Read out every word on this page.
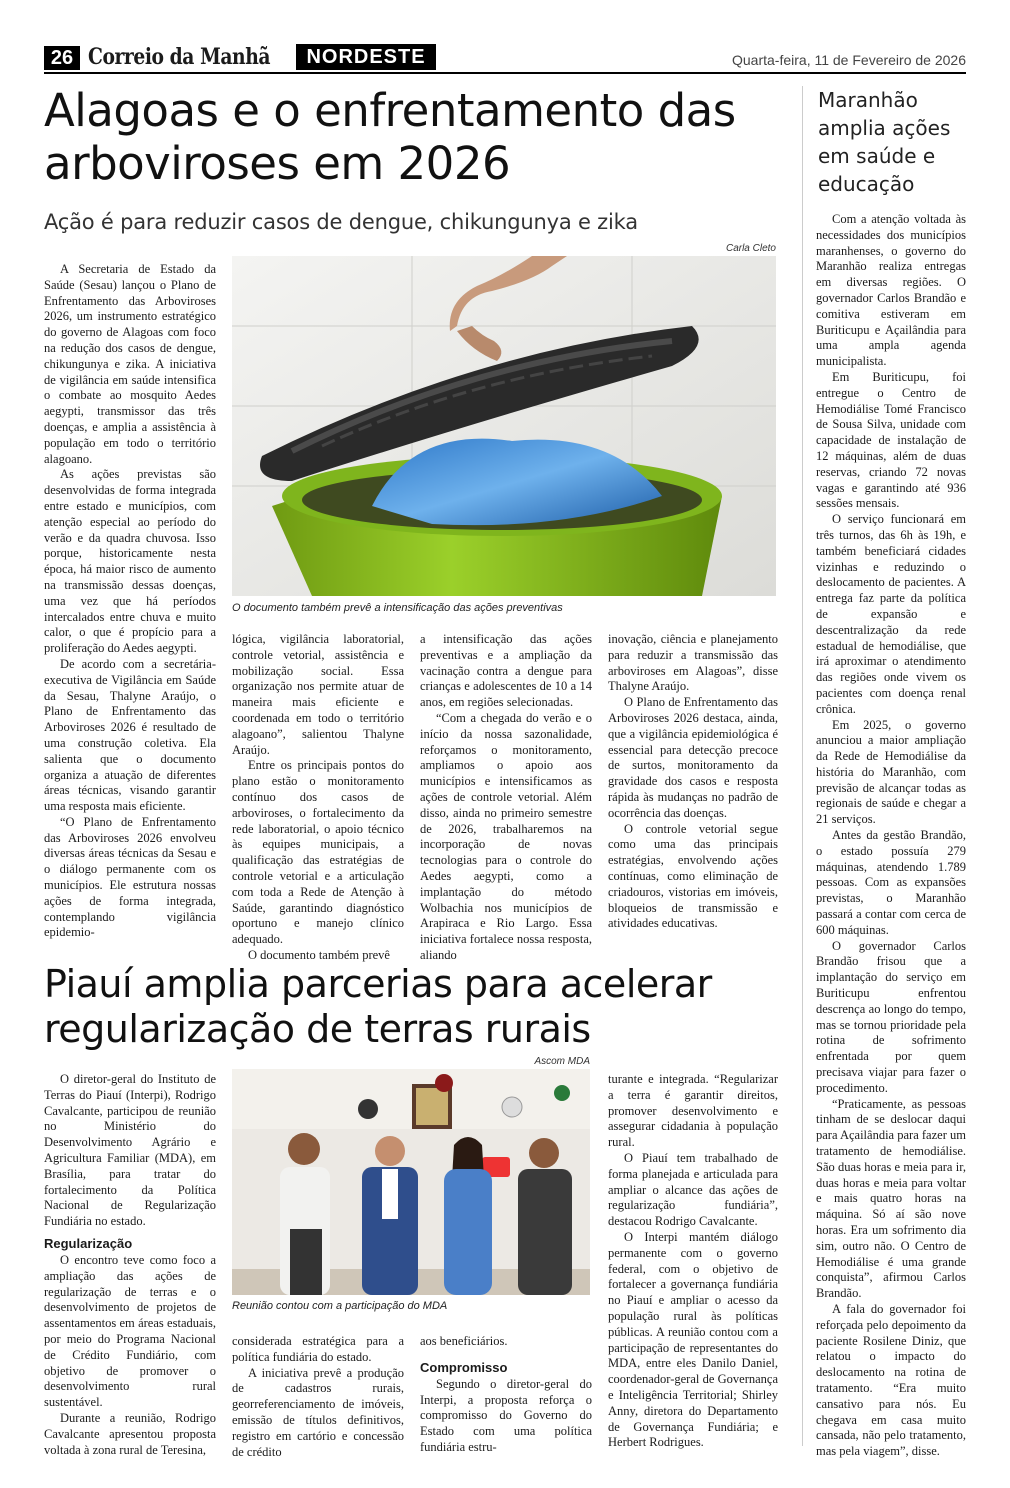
26 Correio da Manhã	NORDESTE	Quarta-feira, 11 de Fevereiro de 2026
Alagoas e o enfrentamento das arboviroses em 2026
Ação é para reduzir casos de dengue, chikungunya e zika
Carla Cleto
O documento também prevê a intensificação das ações preventivas

A Secretaria de Estado da Saúde (Sesau) lançou o Plano de Enfrentamento das Arboviroses 2026, um instrumento estratégico do governo de Alagoas com foco na redução dos casos de dengue, chikungunya e zika. A iniciativa de vigilância em saúde intensifica o combate ao mosquito Aedes aegypti, transmissor das três doenças, e amplia a assistência à população em todo o território alagoano.

As ações previstas são desenvolvidas de forma integrada entre estado e municípios, com atenção especial ao período do verão e da quadra chuvosa. Isso porque, historicamente nesta época, há maior risco de aumento na transmissão dessas doenças, uma vez que há períodos intercalados entre chuva e muito calor, o que é propício para a proliferação do Aedes aegypti.

De acordo com a secretária-executiva de Vigilância em Saúde da Sesau, Thalyne Araújo, o Plano de Enfrentamento das Arboviroses 2026 é resultado de uma construção coletiva. Ela salienta que o documento organiza a atuação de diferentes áreas técnicas, visando garantir uma resposta mais eficiente.

“O Plano de Enfrentamento das Arboviroses 2026 envolveu diversas áreas técnicas da Sesau e o diálogo permanente com os municípios. Ele estrutura nossas ações de forma integrada, contemplando vigilância epidemio-

lógica, vigilância laboratorial, controle vetorial, assistência e mobilização social. Essa organização nos permite atuar de maneira mais eficiente e coordenada em todo o território alagoano”, salientou Thalyne Araújo.

Entre os principais pontos do plano estão o monitoramento contínuo dos casos de arboviroses, o fortalecimento da rede laboratorial, o apoio técnico às equipes municipais, a qualificação das estratégias de controle vetorial e a articulação com toda a Rede de Atenção à Saúde, garantindo diagnóstico oportuno e manejo clínico adequado.

O documento também prevê

a intensificação das ações preventivas e a ampliação da vacinação contra a dengue para crianças e adolescentes de 10 a 14 anos, em regiões selecionadas.

“Com a chegada do verão e o início da nossa sazonalidade, reforçamos o monitoramento, ampliamos o apoio aos municípios e intensificamos as ações de controle vetorial. Além disso, ainda no primeiro semestre de 2026, trabalharemos na incorporação de novas tecnologias para o controle do Aedes aegypti, como a implantação do método Wolbachia nos municípios de Arapiraca e Rio Largo. Essa iniciativa fortalece nossa resposta, aliando

inovação, ciência e planejamento para reduzir a transmissão das arboviroses em Alagoas”, disse Thalyne Araújo.

O Plano de Enfrentamento das Arboviroses 2026 destaca, ainda, que a vigilância epidemiológica é essencial para detecção precoce de surtos, monitoramento da gravidade dos casos e resposta rápida às mudanças no padrão de ocorrência das doenças.

O controle vetorial segue como uma das principais estratégias, envolvendo ações contínuas, como eliminação de criadouros, vistorias em imóveis, bloqueios de transmissão e atividades educativas.

Maranhão amplia ações em saúde e educação

Com a atenção voltada às necessidades dos municípios maranhenses, o governo do Maranhão realiza entregas em diversas regiões. O governador Carlos Brandão e comitiva estiveram em Buriticupu e Açailândia para uma ampla agenda municipalista.

Em Buriticupu, foi entregue o Centro de Hemodiálise Tomé Francisco de Sousa Silva, unidade com capacidade de instalação de 12 máquinas, além de duas reservas, criando 72 novas vagas e garantindo até 936 sessões mensais.

O serviço funcionará em três turnos, das 6h às 19h, e também beneficiará cidades vizinhas e reduzindo o deslocamento de pacientes. A entrega faz parte da política de expansão e descentralização da rede estadual de hemodiálise, que irá aproximar o atendimento das regiões onde vivem os pacientes com doença renal crônica.

Em 2025, o governo anunciou a maior ampliação da Rede de Hemodiálise da história do Maranhão, com previsão de alcançar todas as regionais de saúde e chegar a 21 serviços.

Antes da gestão Brandão, o estado possuía 279 máquinas, atendendo 1.789 pessoas. Com as expansões previstas, o Maranhão passará a contar com cerca de 600 máquinas.

O governador Carlos Brandão frisou que a implantação do serviço em Buriticupu enfrentou descrença ao longo do tempo, mas se tornou prioridade pela rotina de sofrimento enfrentada por quem precisava viajar para fazer o procedimento.

“Praticamente, as pessoas tinham de se deslocar daqui para Açailândia para fazer um tratamento de hemodiálise. São duas horas e meia para ir, duas horas e meia para voltar e mais quatro horas na máquina. Só aí são nove horas. Era um sofrimento dia sim, outro não. O Centro de Hemodiálise é uma grande conquista”, afirmou Carlos Brandão.

A fala do governador foi reforçada pelo depoimento da paciente Rosilene Diniz, que relatou o impacto do deslocamento na rotina de tratamento. “Era muito cansativo para nós. Eu chegava em casa muito cansada, não pelo tratamento, mas pela viagem”, disse.

Piauí amplia parcerias para acelerar regularização de terras rurais
Ascom MDA
Reunião contou com a participação do MDA

O diretor-geral do Instituto de Terras do Piauí (Interpi), Rodrigo Cavalcante, participou de reunião no Ministério do Desenvolvimento Agrário e Agricultura Familiar (MDA), em Brasília, para tratar do fortalecimento da Política Nacional de Regularização Fundiária no estado.

Regularização

O encontro teve como foco a ampliação das ações de regularização de terras e o desenvolvimento de projetos de assentamentos em áreas estaduais, por meio do Programa Nacional de Crédito Fundiário, com objetivo de promover o desenvolvimento rural sustentável.

Durante a reunião, Rodrigo Cavalcante apresentou proposta voltada à zona rural de Teresina,

considerada estratégica para a política fundiária do estado.

A iniciativa prevê a produção de cadastros rurais, georreferenciamento de imóveis, emissão de títulos definitivos, registro em cartório e concessão de crédito

aos beneficiários.

Compromisso

Segundo o diretor-geral do Interpi, a proposta reforça o compromisso do Governo do Estado com uma política fundiária estru-

turante e integrada. “Regularizar a terra é garantir direitos, promover desenvolvimento e assegurar cidadania à população rural.

O Piauí tem trabalhado de forma planejada e articulada para ampliar o alcance das ações de regularização fundiária”, destacou Rodrigo Cavalcante.

O Interpi mantém diálogo permanente com o governo federal, com o objetivo de fortalecer a governança fundiária no Piauí e ampliar o acesso da população rural às políticas públicas. A reunião contou com a participação de representantes do MDA, entre eles Danilo Daniel, coordenador-geral de Governança e Inteligência Territorial; Shirley Anny, diretora do Departamento de Governança Fundiária; e Herbert Rodrigues.
